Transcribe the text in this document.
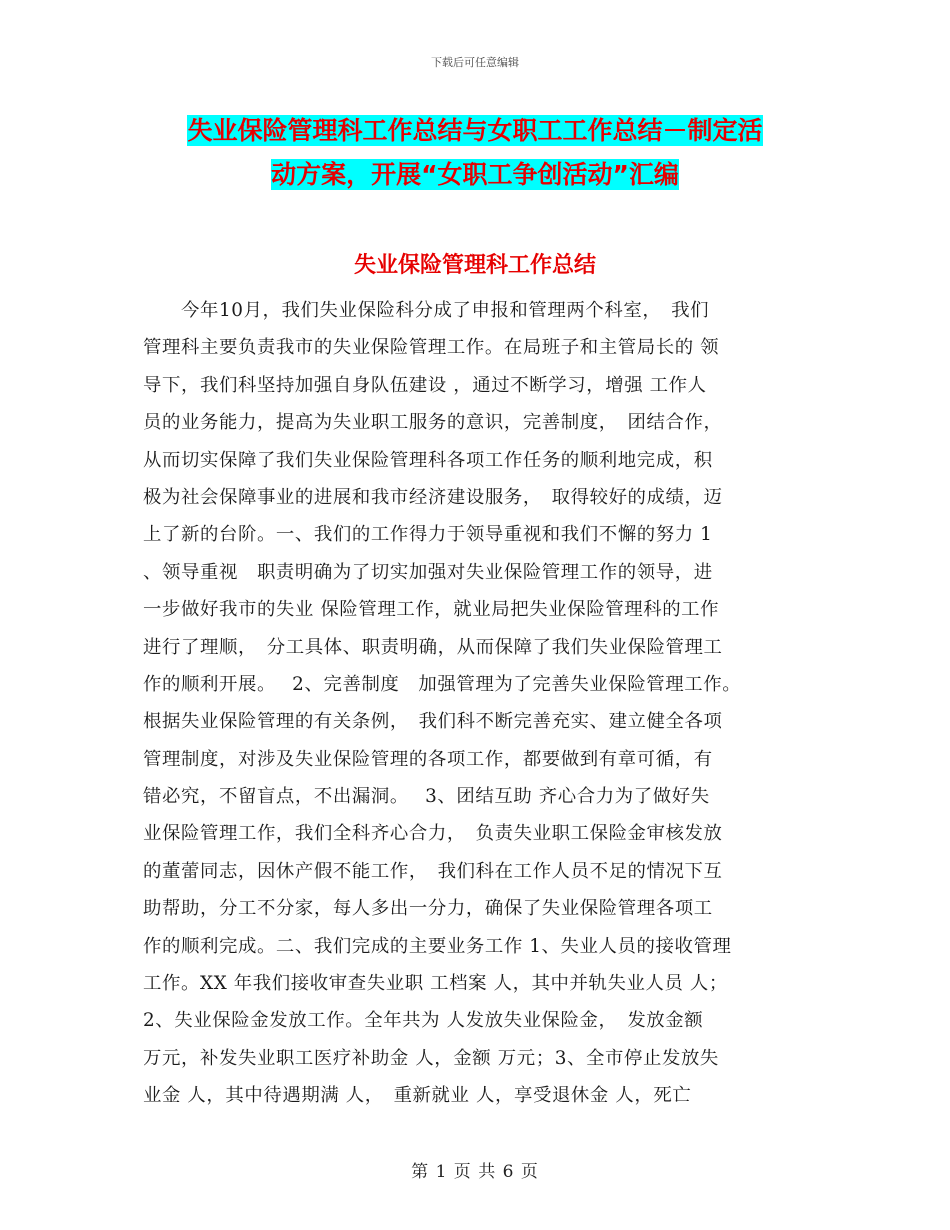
下载后可任意编辑
失业保险管理科工作总结与女职工工作总结－制定活
动方案，开展“女职工争创活动”汇编
失业保险管理科工作总结
　　今年10月，我们失业保险科分成了申报和管理两个科室，　我们
管理科主要负责我市的失业保险管理工作。在局班子和主管局长的 领
导下，我们科坚持加强自身队伍建设 ，通过不断学习，增强 工作人
员的业务能力，提高为失业职工服务的意识，完善制度，　团结合作，
从而切实保障了我们失业保险管理科各项工作任务的顺利地完成，积
极为社会保障事业的进展和我市经济建设服务，　取得较好的成绩，迈
上了新的台阶。一、我们的工作得力于领导重视和我们不懈的努力 1
、领导重视　职责明确为了切实加强对失业保险管理工作的领导，进
一步做好我市的失业 保险管理工作，就业局把失业保险管理科的工作
进行了理顺，　分工具体、职责明确，从而保障了我们失业保险管理工
作的顺利开展。　 2、完善制度　加强管理为了完善失业保险管理工作。
根据失业保险管理的有关条例，　我们科不断完善充实、建立健全各项
管理制度，对涉及失业保险管理的各项工作，都要做到有章可循，有
错必究，不留盲点，不出漏洞。　 3、团结互助 齐心合力为了做好失
业保险管理工作，我们全科齐心合力，　负责失业职工保险金审核发放
的董蕾同志，因休产假不能工作，　我们科在工作人员不足的情况下互
助帮助，分工不分家，每人多出一分力，确保了失业保险管理各项工
作的顺利完成。二、我们完成的主要业务工作 1、失业人员的接收管理
工作。XX 年我们接收审查失业职 工档案 人，其中并轨失业人员 人；
2、失业保险金发放工作。全年共为 人发放失业保险金，　发放金额
万元，补发失业职工医疗补助金 人，金额 万元；3、全市停止发放失
业金 人，其中待遇期满 人，　重新就业 人，享受退休金 人，死亡
第 1 页 共 6 页
